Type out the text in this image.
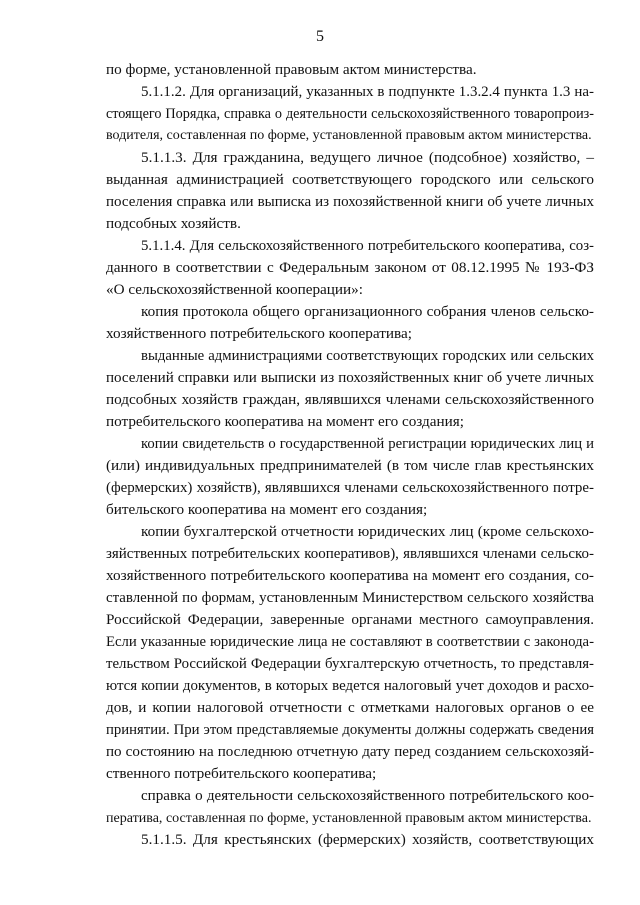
5
по форме, установленной правовым актом министерства.
5.1.1.2. Для организаций, указанных в подпункте 1.3.2.4 пункта 1.3 на-
стоящего Порядка, справка о деятельности сельскохозяйственного товаропроиз-
водителя, составленная по форме, установленной правовым актом министерства.
5.1.1.3. Для гражданина, ведущего личное (подсобное) хозяйство, –
выданная администрацией соответствующего городского или сельского
поселения справка или выписка из похозяйственной книги об учете личных
подсобных хозяйств.
5.1.1.4. Для сельскохозяйственного потребительского кооператива, соз-
данного в соответствии с Федеральным законом от 08.12.1995 № 193-ФЗ
«О сельскохозяйственной кооперации»:
копия протокола общего организационного собрания членов сельско-
хозяйственного потребительского кооператива;
выданные администрациями соответствующих городских или сельских
поселений справки или выписки из похозяйственных книг об учете личных
подсобных хозяйств граждан, являвшихся членами сельскохозяйственного
потребительского кооператива на момент его создания;
копии свидетельств о государственной регистрации юридических лиц и
(или) индивидуальных предпринимателей (в том числе глав крестьянских
(фермерских) хозяйств), являвшихся членами сельскохозяйственного потре-
бительского кооператива на момент его создания;
копии бухгалтерской отчетности юридических лиц (кроме сельскохо-
зяйственных потребительских кооперативов), являвшихся членами сельско-
хозяйственного потребительского кооператива на момент его создания, со-
ставленной по формам, установленным Министерством сельского хозяйства
Российской Федерации, заверенные органами местного самоуправления.
Если указанные юридические лица не составляют в соответствии с законода-
тельством Российской Федерации бухгалтерскую отчетность, то представля-
ются копии документов, в которых ведется налоговый учет доходов и расхо-
дов, и копии налоговой отчетности с отметками налоговых органов о ее
принятии. При этом представляемые документы должны содержать сведения
по состоянию на последнюю отчетную дату перед созданием сельскохозяй-
ственного потребительского кооператива;
справка о деятельности сельскохозяйственного потребительского коо-
ператива, составленная по форме, установленной правовым актом министерства.
5.1.1.5. Для крестьянских (фермерских) хозяйств, соответствующих
